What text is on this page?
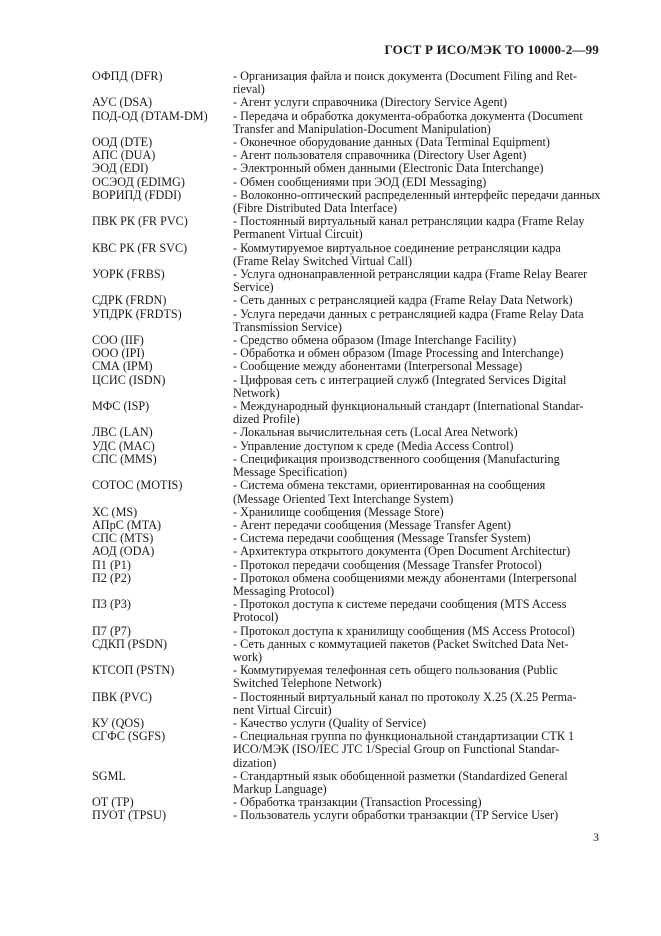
ГОСТ Р ИСО/МЭК ТО 10000-2—99
ОФПД (DFR)	- Организация файла и поиск документа (Document Filing and Ret-
rieval)
АУС (DSA)	- Агент услуги справочника (Directory Service Agent)
ПОД-ОД (DTAM-DM)	- Передача и обработка документа-обработка документа (Document
Transfer and Manipulation-Document Manipulation)
ООД (DTE)	- Оконечное оборудование данных (Data Terminal Equipment)
АПС (DUA)	- Агент пользователя справочника (Directory User Agent)
ЭОД (EDI)	- Электронный обмен данными (Electronic Data Interchange)
ОСЭОД (EDIMG)	- Обмен сообщениями при ЭОД (EDI Messaging)
ВОРИПД (FDDI)	- Волоконно-оптический распределенный интерфейс передачи данных
(Fibre Distributed Data Interface)
ПВК РК (FR PVC)	- Постоянный виртуальный канал ретрансляции кадра (Frame Relay
Permanent Virtual Circuit)
КВС РК (FR SVC)	- Коммутируемое виртуальное соединение ретрансляции кадра
(Frame Relay Switched Virtual Call)
УОРК (FRBS)	- Услуга однонаправленной ретрансляции кадра (Frame Relay Bearer
Service)
СДРК (FRDN)	- Сеть данных с ретрансляцией кадра (Frame Relay Data Network)
УПДРК (FRDTS)	- Услуга передачи данных с ретрансляцией кадра (Frame Relay Data
Transmission Service)
СОО (IIF)	- Средство обмена образом (Image Interchange Facility)
ООО (IPI)	- Обработка и обмен образом (Image Processing and Interchange)
СМА (IPM)	- Сообщение между абонентами (Interpersonal Message)
ЦСИС (ISDN)	- Цифровая сеть с интеграцией служб (Integrated Services Digital
Network)
МФС (ISP)	- Международный функциональный стандарт (International Standar-
dized Profile)
ЛВС (LAN)	- Локальная вычислительная сеть (Local Area Network)
УДС (MAC)	- Управление доступом к среде (Media Access Control)
СПС (MMS)	- Спецификация производственного сообщения (Manufacturing
Message Specification)
СОТОС (MOTIS)	- Система обмена текстами, ориентированная на сообщения
(Message Oriented Text Interchange System)
ХС (MS)	- Хранилище сообщения (Message Store)
АПрС (MTA)	- Агент передачи сообщения (Message Transfer Agent)
СПС (MTS)	- Система передачи сообщения (Message Transfer System)
АОД (ODA)	- Архитектура открытого документа (Open Document Architectur)
П1 (P1)	- Протокол передачи сообщения (Message Transfer Protocol)
П2 (P2)	- Протокол обмена сообщениями между абонентами (Interpersonal
Messaging Protocol)
П3 (P3)	- Протокол доступа к системе передачи сообщения (MTS Access
Protocol)
П7 (P7)	- Протокол доступа к хранилищу сообщения (MS Access Protocol)
СДКП (PSDN)	- Сеть данных с коммутацией пакетов (Packet Switched Data Net-
work)
КТСОП (PSTN)	- Коммутируемая телефонная сеть общего пользования (Public
Switched Telephone Network)
ПВК (PVC)	- Постоянный виртуальный канал по протоколу X.25 (X.25 Perma-
nent Virtual Circuit)
КУ (QOS)	- Качество услуги (Quality of Service)
СГФС (SGFS)	- Специальная группа по функциональной стандартизации СТК 1
ИСО/МЭК (ISO/IEC JTC 1/Special Group on Functional Standar-
dization)
SGML	- Стандартный язык обобщенной разметки (Standardized General
Markup Language)
ОТ (TP)	- Обработка транзакции (Transaction Processing)
ПУОТ (TPSU)	- Пользователь услуги обработки транзакции (TP Service User)
3
